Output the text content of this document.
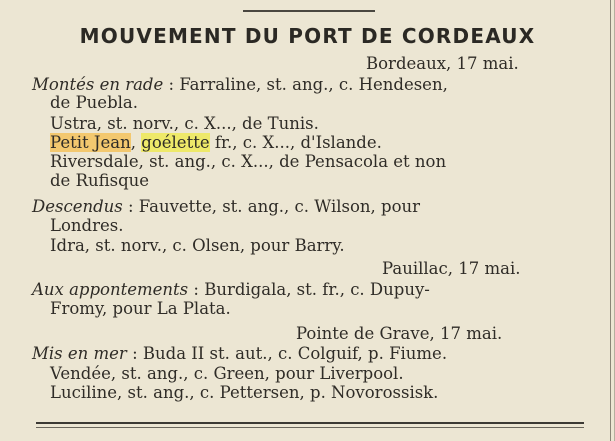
MOUVEMENT DU PORT DE CORDEAUX
Bordeaux, 17 mai.
Montés en rade : Farraline, st. ang., c. Hendesen,
de Puebla.
Ustra, st. norv., c. X..., de Tunis.
Petit Jean, goélette fr., c. X..., d'Islande.
Riversdale, st. ang., c. X..., de Pensacola et non
de Rufisque
Descendus : Fauvette, st. ang., c. Wilson, pour
Londres.
Idra, st. norv., c. Olsen, pour Barry.
Pauillac, 17 mai.
Aux appontements : Burdigala, st. fr., c. Dupuy-
Fromy, pour La Plata.
Pointe de Grave, 17 mai.
Mis en mer : Buda II st. aut., c. Colguif, p. Fiume.
Vendée, st. ang., c. Green, pour Liverpool.
Luciline, st. ang., c. Pettersen, p. Novorossisk.
